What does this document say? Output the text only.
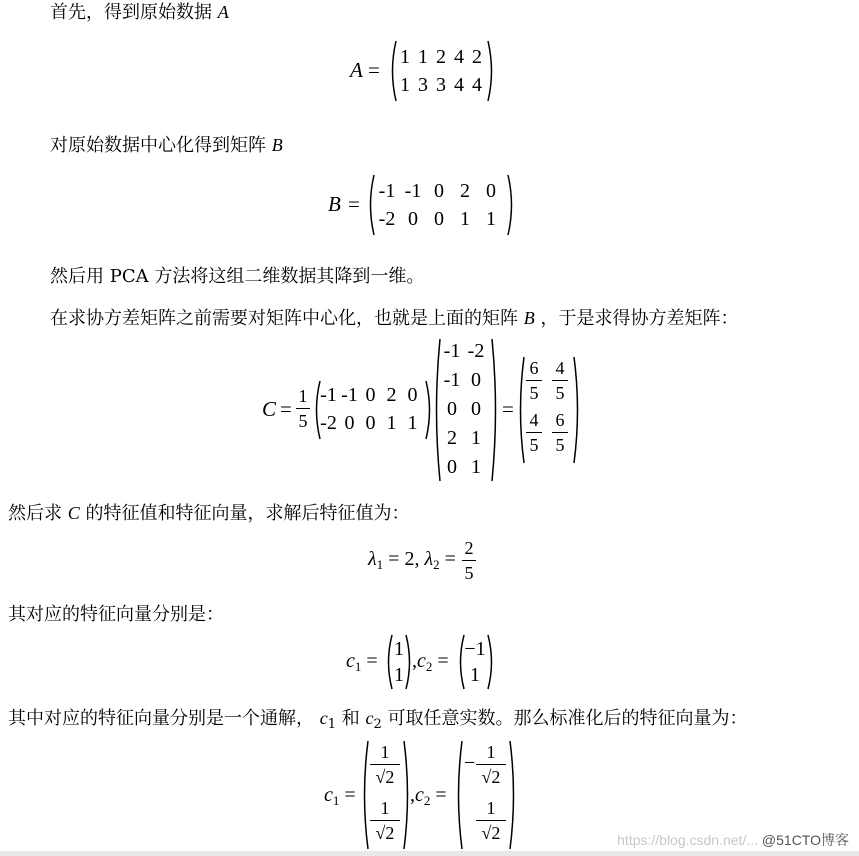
首先，得到原始数据 A
A =
1 1 2 4 2
1 3 3 4 4
对原始数据中心化得到矩阵 B
B =
-1 -1 0 2 0
-2 0 0 1 1
然后用 PCA 方法将这组二维数据其降到一维。
在求协方差矩阵之前需要对矩阵中心化，也就是上面的矩阵 B ，于是求得协方差矩阵：
C =
1
5
-1 -1 0 2 0
-2 0 0 1 1
-1 -2
-1 0
0 0
2 1
0 1
=
6
5
4
5
4
5
6
5
然后求 C 的特征值和特征向量，求解后特征值为：
$\lambda_1 = 2$, $\lambda_2 = 2$
5
其对应的特征向量分别是：
$c_1$ =
1
1
$,c_2$ =
−1
1
其中对应的特征向量分别是一个通解， $c_1$ 和 $c_2$ 可取任意实数。那么标准化后的特征向量为：
$c_1$ =
1
√2
1
√2
$,c_2$ =
− 1
√2
1
√2	https://blog.csdn.net/... @51CTO博客
